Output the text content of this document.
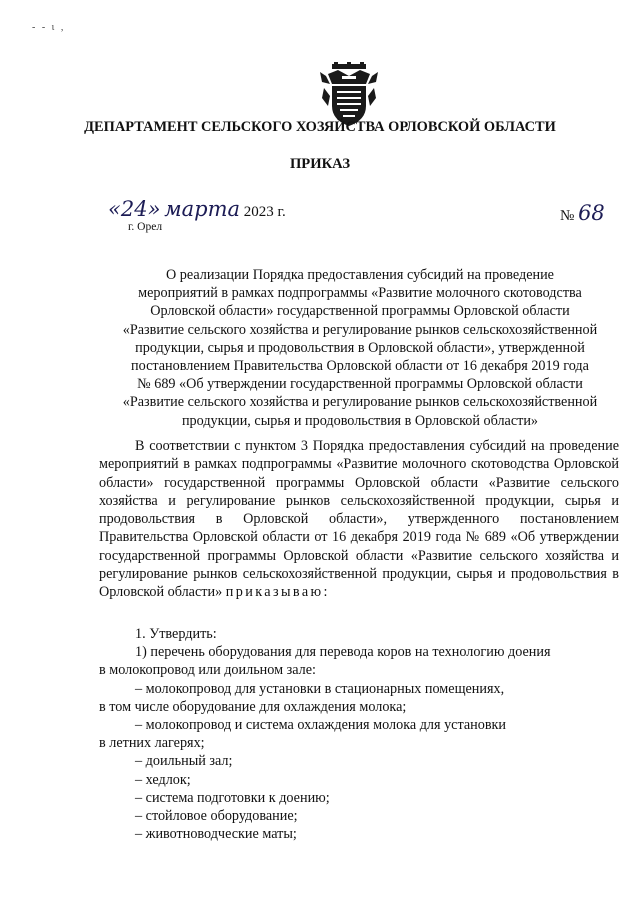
- - ι ,
ДЕПАРТАМЕНТ СЕЛЬСКОГО ХОЗЯЙСТВА ОРЛОВСКОЙ ОБЛАСТИ
ПРИКАЗ
«24» марта 2023 г.
г. Орел
№ 68
О реализации Порядка предоставления субсидий на проведение
мероприятий в рамках подпрограммы «Развитие молочного скотоводства
Орловской области» государственной программы Орловской области
«Развитие сельского хозяйства и регулирование рынков сельскохозяйственной
продукции, сырья и продовольствия в Орловской области», утвержденной
постановлением Правительства Орловской области от 16 декабря 2019 года
№ 689 «Об утверждении государственной программы Орловской области
«Развитие сельского хозяйства и регулирование рынков сельскохозяйственной
продукции, сырья и продовольствия в Орловской области»
В соответствии с пунктом 3 Порядка предоставления субсидий на проведение мероприятий в рамках подпрограммы «Развитие молочного скотоводства Орловской области» государственной программы Орловской области «Развитие сельского хозяйства и регулирование рынков сельскохозяйственной продукции, сырья и продовольствия в Орловской области», утвержденного постановлением Правительства Орловской области от 16 декабря 2019 года № 689 «Об утверждении государственной программы Орловской области «Развитие сельского хозяйства и регулирование рынков сельскохозяйственной продукции, сырья и продовольствия в Орловской области» приказываю:
1. Утвердить:
1) перечень оборудования для перевода коров на технологию доения
в молокопровод или доильном зале:
– молокопровод для установки в стационарных помещениях,
в том числе оборудование для охлаждения молока;
– молокопровод и система охлаждения молока для установки
в летних лагерях;
– доильный зал;
– хедлок;
– система подготовки к доению;
– стойловое оборудование;
– животноводческие маты;
